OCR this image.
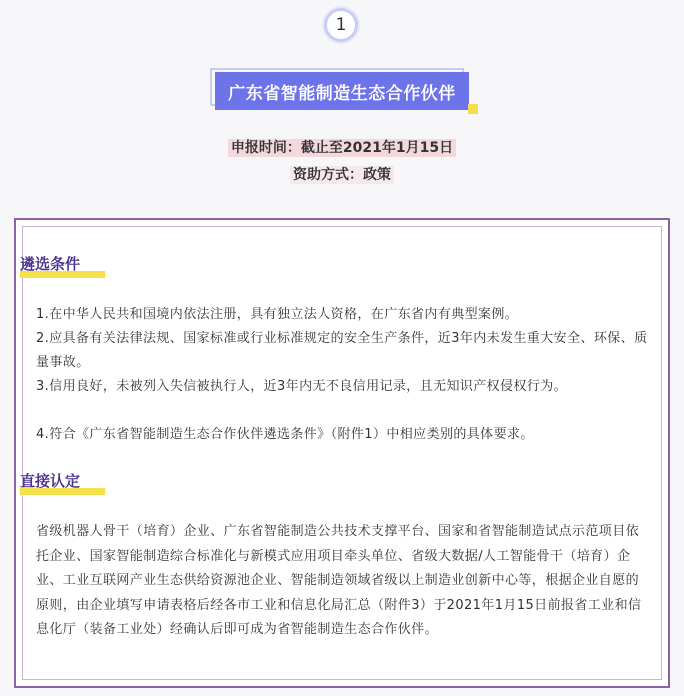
1
广东省智能制造生态合作伙伴
申报时间：截止至2021年1月15日
资助方式：政策
遴选条件
1.在中华人民共和国境内依法注册，具有独立法人资格，在广东省内有典型案例。
2.应具备有关法律法规、国家标准或行业标准规定的安全生产条件，近3年内未发生重大安全、环保、质量事故。
3.信用良好，未被列入失信被执行人，近3年内无不良信用记录，且无知识产权侵权行为。
4.符合《广东省智能制造生态合作伙伴遴选条件》（附件1）中相应类别的具体要求。
直接认定
省级机器人骨干（培育）企业、广东省智能制造公共技术支撑平台、国家和省智能制造试点示范项目依托企业、国家智能制造综合标准化与新模式应用项目牵头单位、省级大数据/人工智能骨干（培育）企业、工业互联网产业生态供给资源池企业、智能制造领域省级以上制造业创新中心等，根据企业自愿的原则，由企业填写申请表格后经各市工业和信息化局汇总（附件3）于2021年1月15日前报省工业和信息化厅（装备工业处）经确认后即可成为省智能制造生态合作伙伴。
